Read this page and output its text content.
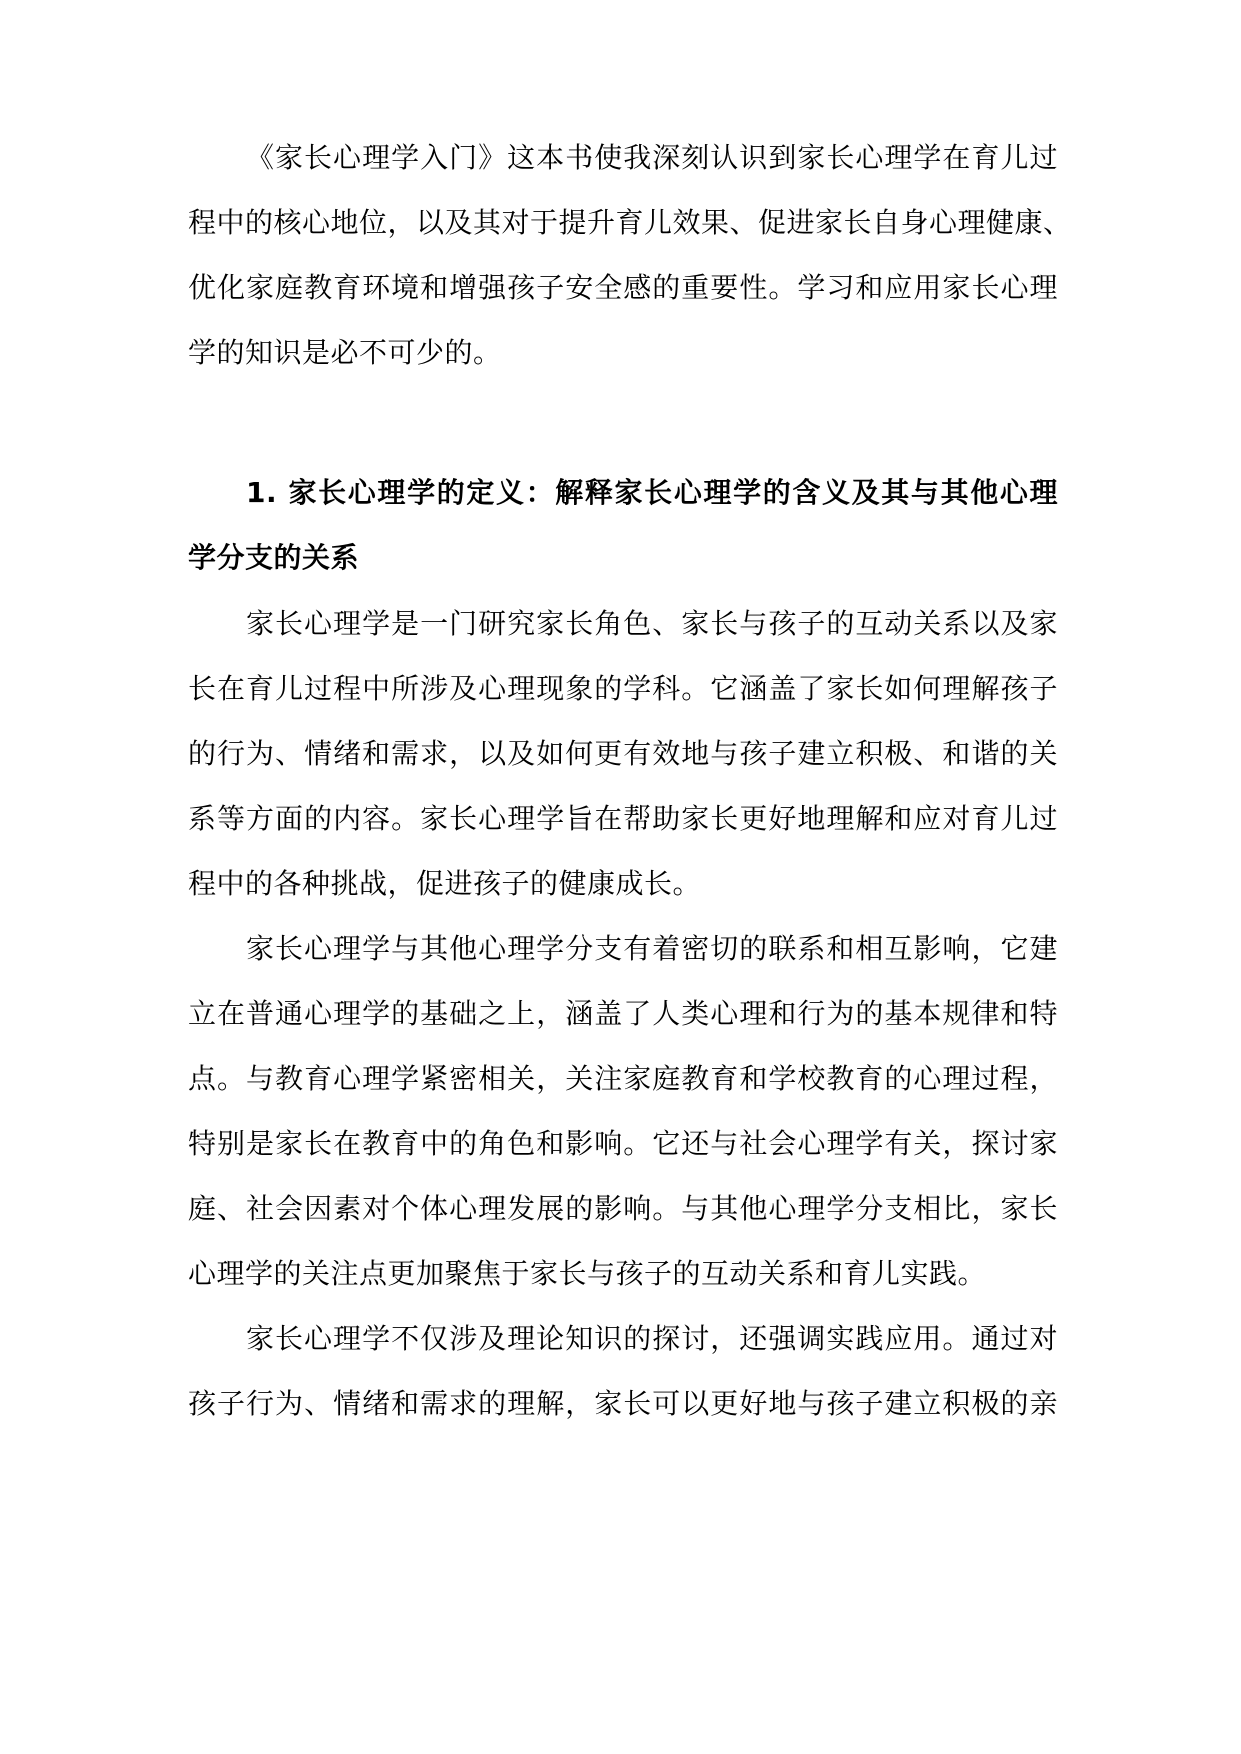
《家长心理学入门》这本书使我深刻认识到家长心理学在育儿过
程中的核心地位，以及其对于提升育儿效果、促进家长自身心理健康、
优化家庭教育环境和增强孩子安全感的重要性。学习和应用家长心理
学的知识是必不可少的。
1. 家长心理学的定义：解释家长心理学的含义及其与其他心理
学分支的关系
家长心理学是一门研究家长角色、家长与孩子的互动关系以及家
长在育儿过程中所涉及心理现象的学科。它涵盖了家长如何理解孩子
的行为、情绪和需求，以及如何更有效地与孩子建立积极、和谐的关
系等方面的内容。家长心理学旨在帮助家长更好地理解和应对育儿过
程中的各种挑战，促进孩子的健康成长。
家长心理学与其他心理学分支有着密切的联系和相互影响，它建
立在普通心理学的基础之上，涵盖了人类心理和行为的基本规律和特
点。与教育心理学紧密相关，关注家庭教育和学校教育的心理过程，
特别是家长在教育中的角色和影响。它还与社会心理学有关，探讨家
庭、社会因素对个体心理发展的影响。与其他心理学分支相比，家长
心理学的关注点更加聚焦于家长与孩子的互动关系和育儿实践。
家长心理学不仅涉及理论知识的探讨，还强调实践应用。通过对
孩子行为、情绪和需求的理解，家长可以更好地与孩子建立积极的亲
